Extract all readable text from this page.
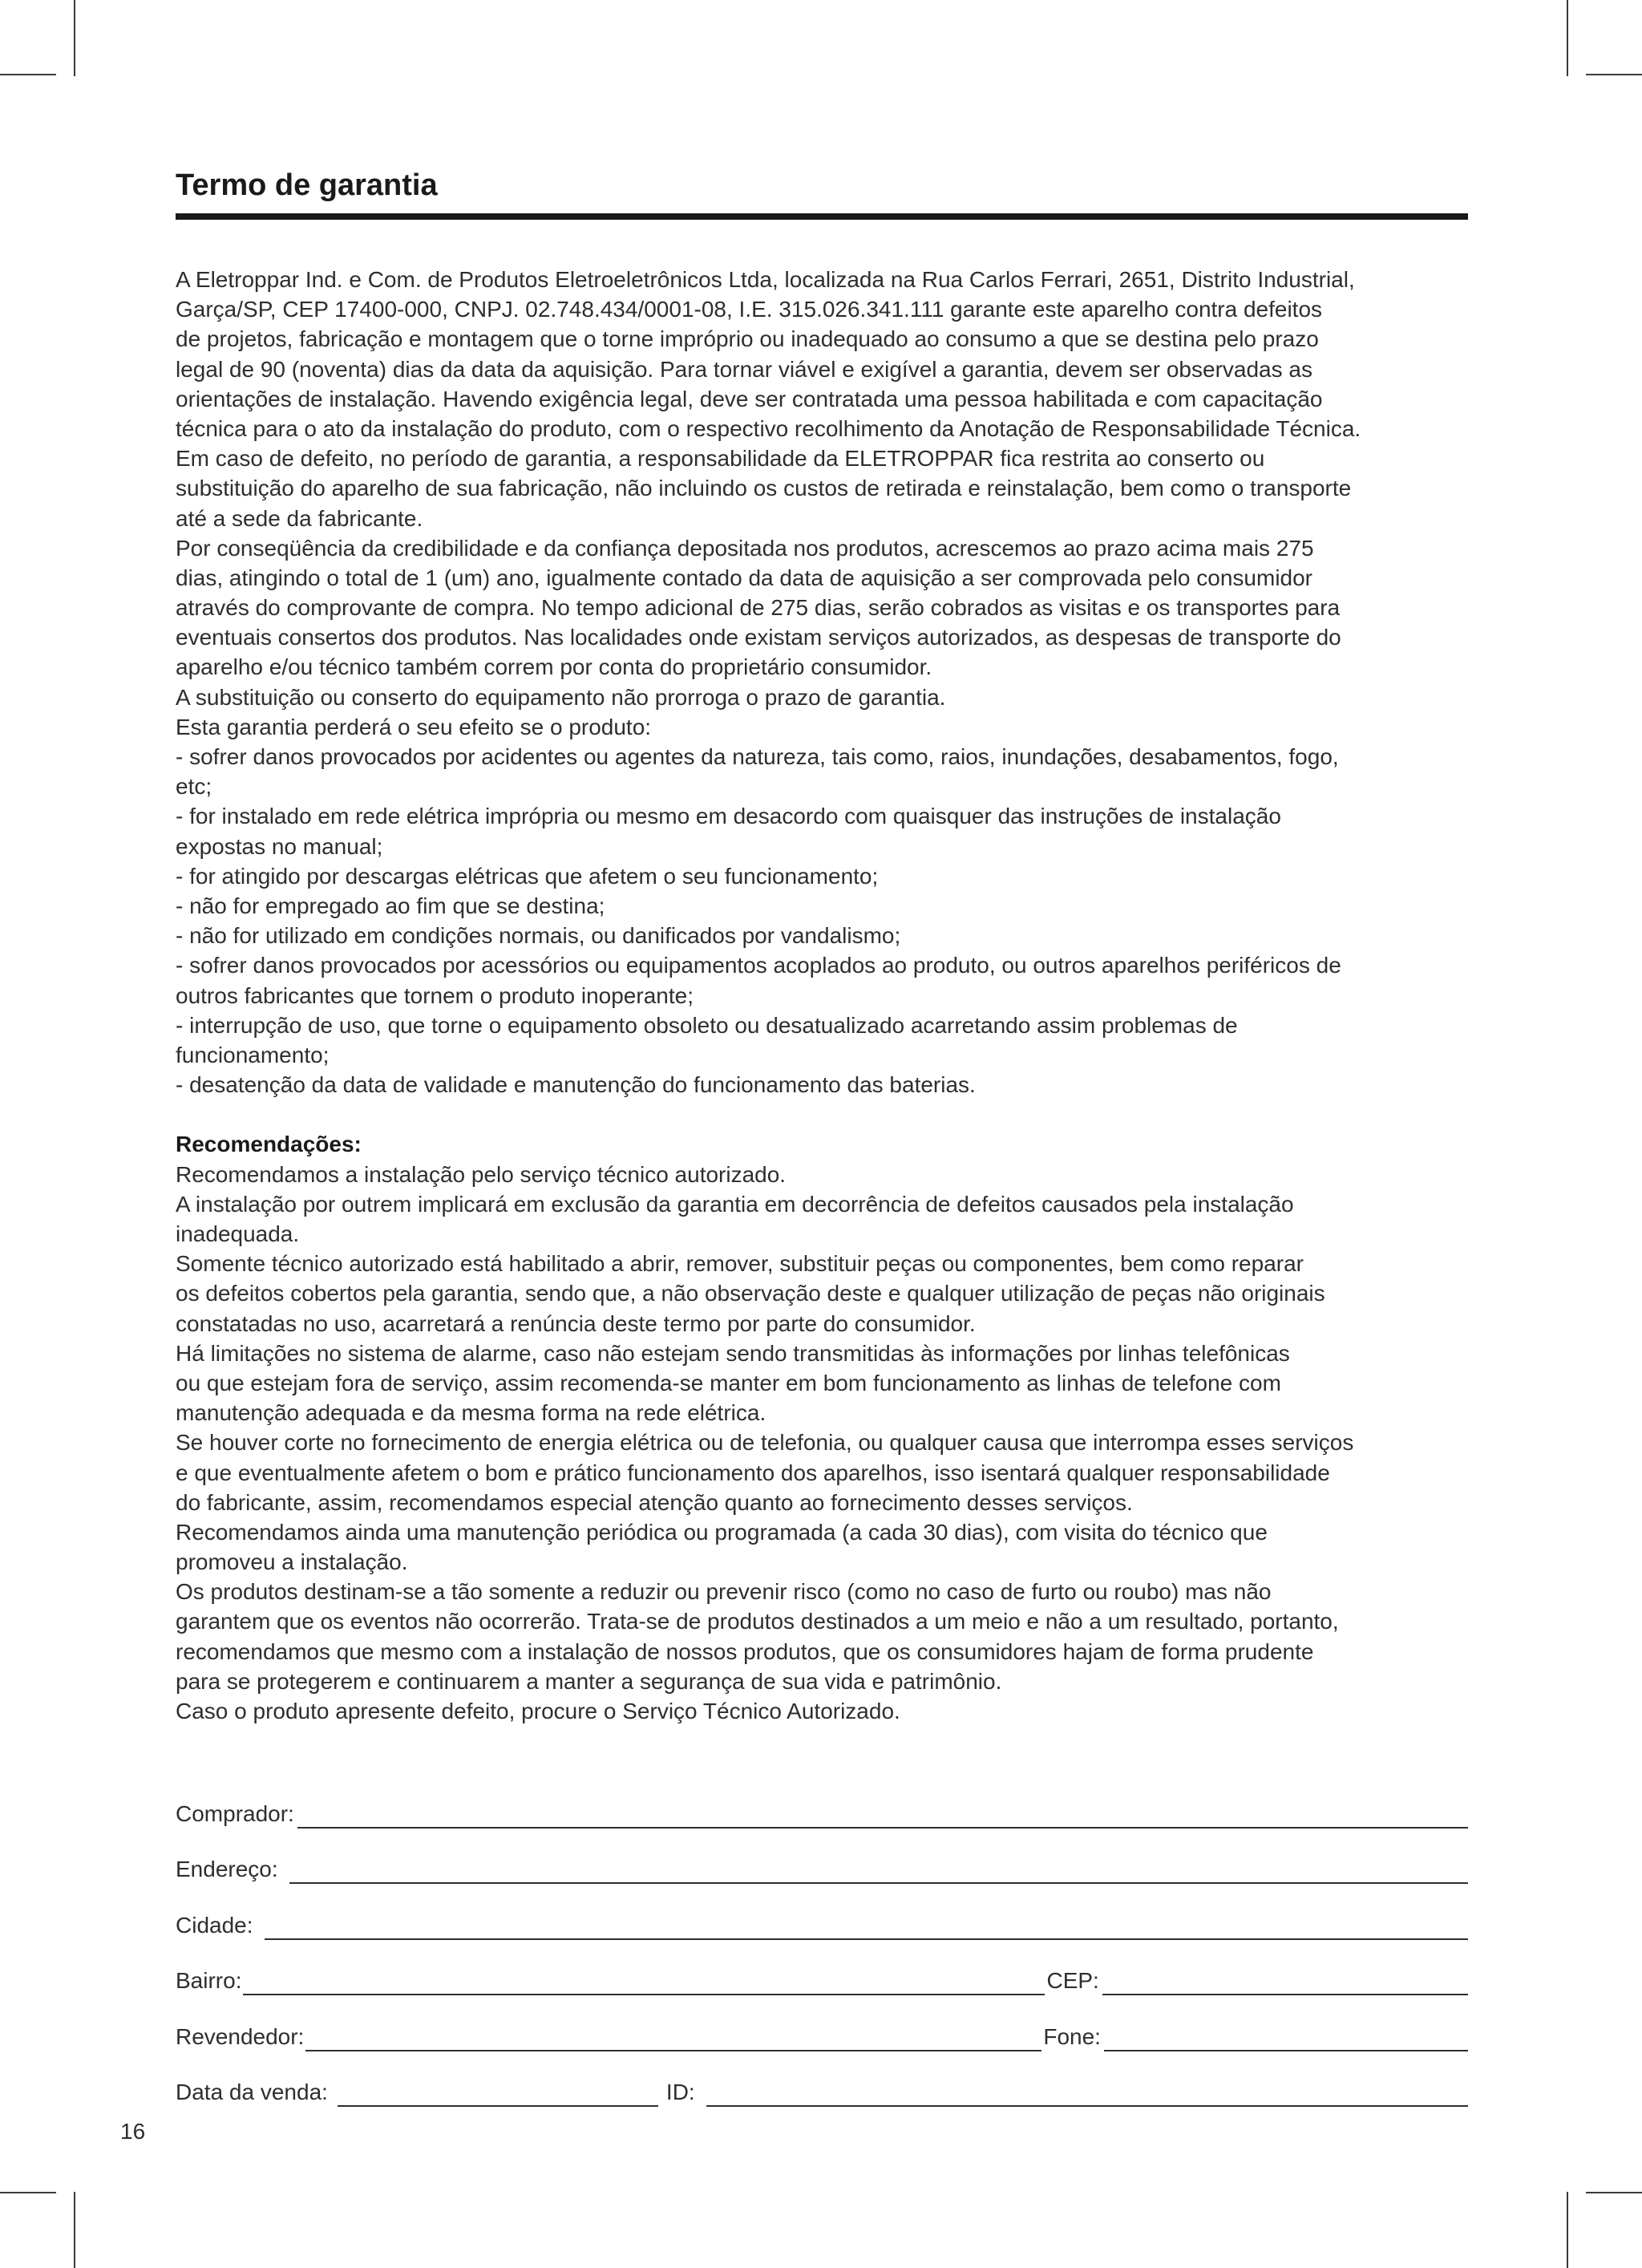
Termo de garantia
A Eletroppar Ind. e Com. de Produtos Eletroeletrônicos Ltda, localizada na Rua Carlos Ferrari, 2651, Distrito Industrial,
Garça/SP, CEP 17400-000, CNPJ. 02.748.434/0001-08, I.E. 315.026.341.111 garante este aparelho contra defeitos
de projetos, fabricação e montagem que o torne impróprio ou inadequado ao consumo a que se destina pelo prazo
legal de 90 (noventa) dias da data da aquisição. Para tornar viável e exigível a garantia, devem ser observadas as
orientações de instalação. Havendo exigência legal, deve ser contratada uma pessoa habilitada e com capacitação
técnica para o ato da instalação do produto, com o respectivo recolhimento da Anotação de Responsabilidade Técnica.
Em caso de defeito, no período de garantia, a responsabilidade da ELETROPPAR fica restrita ao conserto ou
substituição do aparelho de sua fabricação, não incluindo os custos de retirada e reinstalação, bem como o transporte
até a sede da fabricante.
Por conseqüência da credibilidade e da confiança depositada nos produtos, acrescemos ao prazo acima mais 275
dias, atingindo o total de 1 (um) ano, igualmente contado da data de aquisição a ser comprovada pelo consumidor
através do comprovante de compra. No tempo adicional de 275 dias, serão cobrados as visitas e os transportes para
eventuais consertos dos produtos. Nas localidades onde existam serviços autorizados, as despesas de transporte do
aparelho e/ou técnico também correm por conta do proprietário consumidor.
A substituição ou conserto do equipamento não prorroga o prazo de garantia.
Esta garantia perderá o seu efeito se o produto:
- sofrer danos provocados por acidentes ou agentes da natureza, tais como, raios, inundações, desabamentos, fogo,
etc;
- for instalado em rede elétrica imprópria ou mesmo em desacordo com quaisquer das instruções de instalação
expostas no manual;
- for atingido por descargas elétricas que afetem o seu funcionamento;
- não for empregado ao fim que se destina;
- não for utilizado em condições normais, ou danificados por vandalismo;
- sofrer danos provocados por acessórios ou equipamentos acoplados ao produto, ou outros aparelhos periféricos de
outros fabricantes que tornem o produto inoperante;
- interrupção de uso, que torne o equipamento obsoleto ou desatualizado acarretando assim problemas de
funcionamento;
- desatenção da data de validade e manutenção do funcionamento das baterias.
Recomendações:
Recomendamos a instalação pelo serviço técnico autorizado.
A instalação por outrem implicará em exclusão da garantia em decorrência de defeitos causados pela instalação
inadequada.
Somente técnico autorizado está habilitado a abrir, remover, substituir peças ou componentes, bem como reparar
os defeitos cobertos pela garantia, sendo que, a não observação deste e qualquer utilização de peças não originais
constatadas no uso, acarretará a renúncia deste termo por parte do consumidor.
Há limitações no sistema de alarme, caso não estejam sendo transmitidas às informações por linhas telefônicas
ou que estejam fora de serviço, assim recomenda-se manter em bom funcionamento as linhas de telefone com
manutenção adequada e da mesma forma na rede elétrica.
Se houver corte no fornecimento de energia elétrica ou de telefonia, ou qualquer causa que interrompa esses serviços
e que eventualmente afetem o bom e prático funcionamento dos aparelhos, isso isentará qualquer responsabilidade
do fabricante, assim, recomendamos especial atenção quanto ao fornecimento desses serviços.
Recomendamos ainda uma manutenção periódica ou programada (a cada 30 dias), com visita do técnico que
promoveu a instalação.
Os produtos destinam-se a tão somente a reduzir ou prevenir risco (como no caso de furto ou roubo) mas não
garantem que os eventos não ocorrerão. Trata-se de produtos destinados a um meio e não a um resultado, portanto,
recomendamos que mesmo com a instalação de nossos produtos, que os consumidores hajam de forma prudente
para se protegerem e continuarem a manter a segurança de sua vida e patrimônio.
Caso o produto apresente defeito, procure o Serviço Técnico Autorizado.
Comprador:
Endereço:
Cidade:
Bairro:	CEP:
Revendedor:	Fone:
Data da venda:	ID:
16
